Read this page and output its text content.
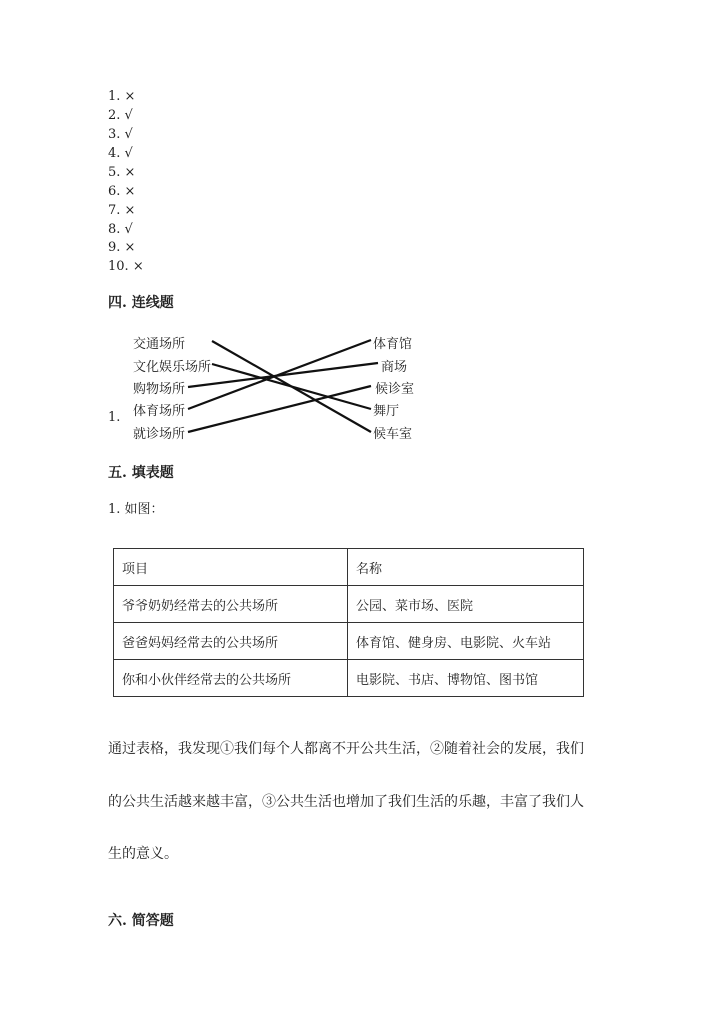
1. ×
2. √
3. √
4. √
5. ×
6. ×
7. ×
8. √
9. ×
10. ×
四. 连线题
1.
交通场所
文化娱乐场所
购物场所
体育场所
就诊场所
体育馆
商场
候诊室
舞厅
候车室
五. 填表题
1. 如图：
项目	名称
爷爷奶奶经常去的公共场所	公园、菜市场、医院
爸爸妈妈经常去的公共场所	体育馆、健身房、电影院、火车站
你和小伙伴经常去的公共场所	电影院、书店、博物馆、图书馆
通过表格，我发现①我们每个人都离不开公共生活，②随着社会的发展，我们
的公共生活越来越丰富，③公共生活也增加了我们生活的乐趣，丰富了我们人
生的意义。
六. 简答题
